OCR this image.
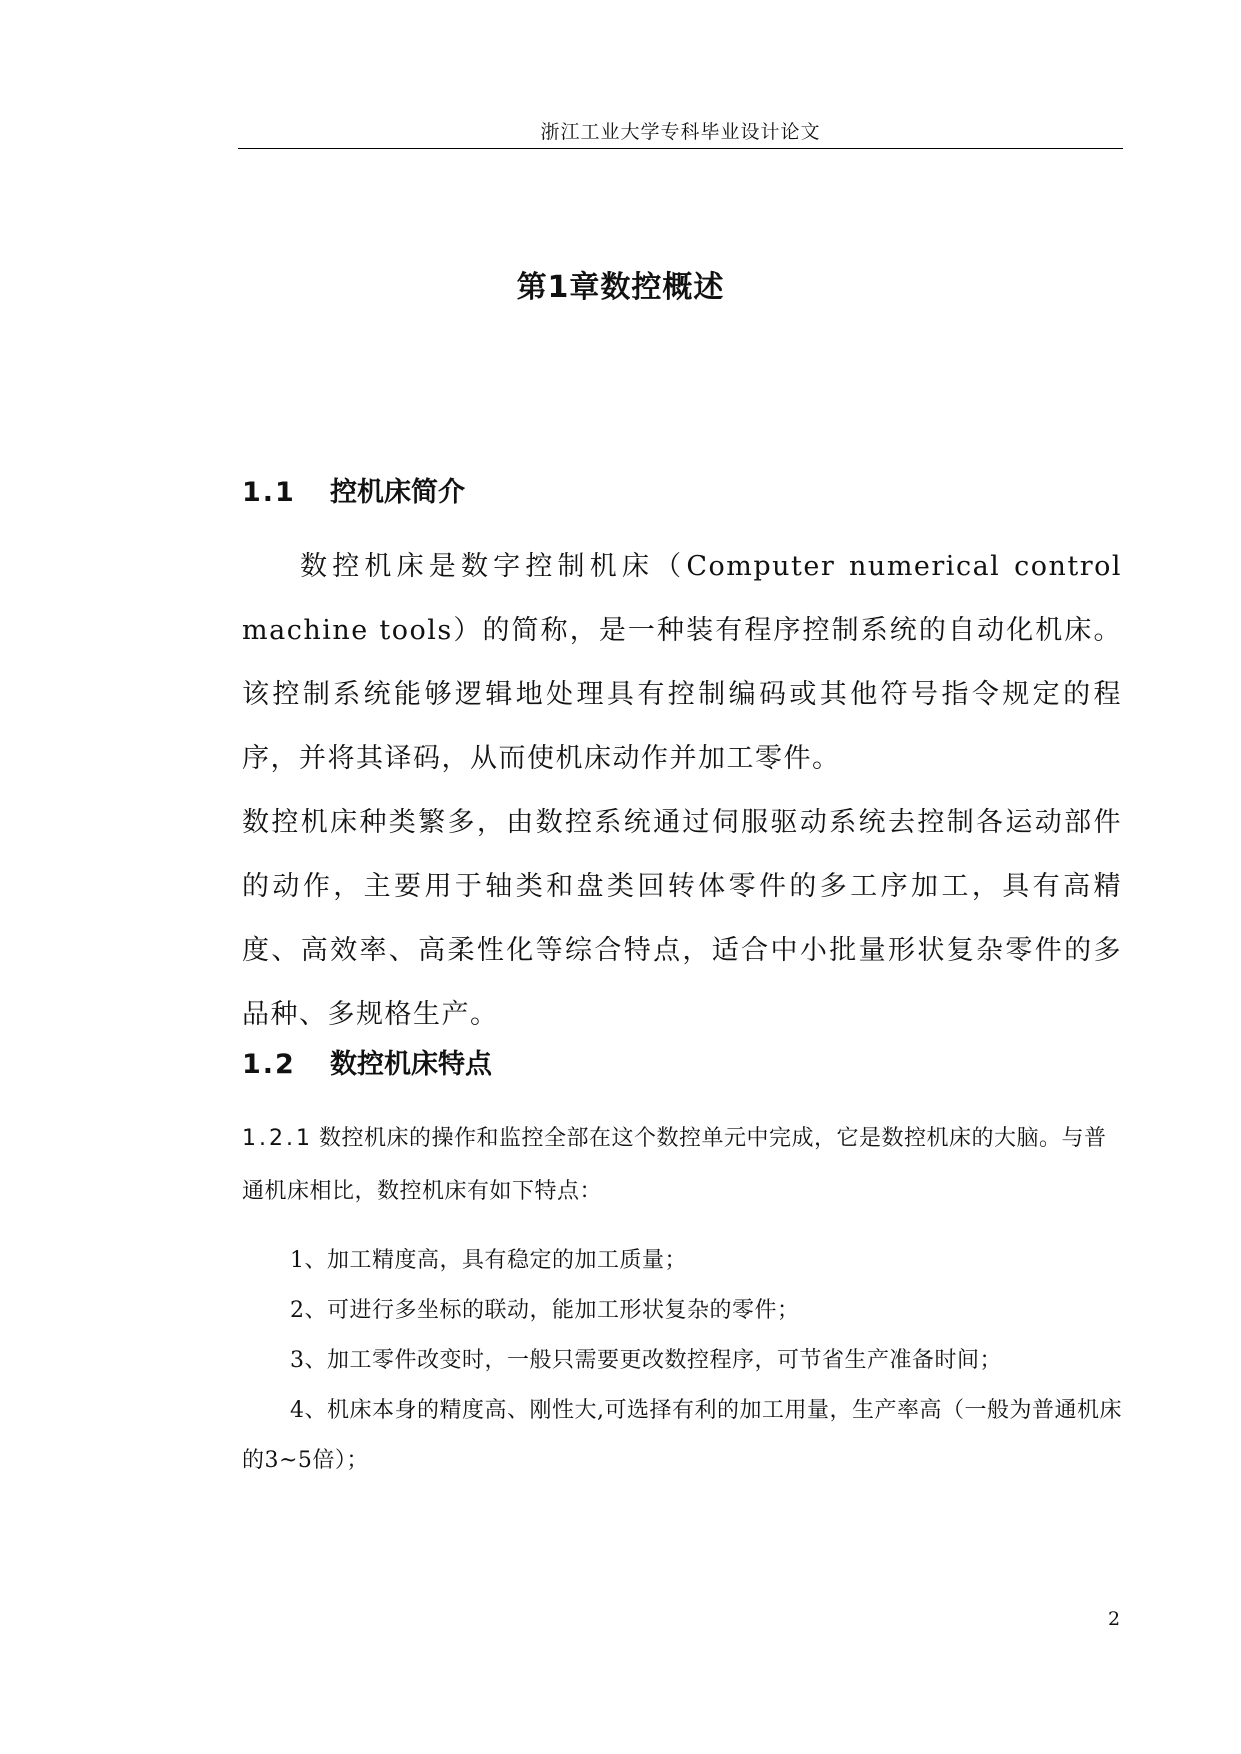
浙江工业大学专科毕业设计论文
第1章数控概述
1.1 控机床简介

数控机床是数字控制机床（Computer numerical control machine tools）的简称，是一种装有程序控制系统的自动化机床。该控制系统能够逻辑地处理具有控制编码或其他符号指令规定的程序，并将其译码，从而使机床动作并加工零件。

数控机床种类繁多，由数控系统通过伺服驱动系统去控制各运动部件的动作，主要用于轴类和盘类回转体零件的多工序加工，具有高精度、高效率、高柔性化等综合特点，适合中小批量形状复杂零件的多品种、多规格生产。

1.2 数控机床特点
1.2.1 数控机床的操作和监控全部在这个数控单元中完成，它是数控机床的大脑。与普通机床相比，数控机床有如下特点：

1、加工精度高，具有稳定的加工质量；

2、可进行多坐标的联动，能加工形状复杂的零件；

3、加工零件改变时，一般只需要更改数控程序，可节省生产准备时间；

4、机床本身的精度高、刚性大,可选择有利的加工用量，生产率高（一般为普通机床的3~5倍）；

2
